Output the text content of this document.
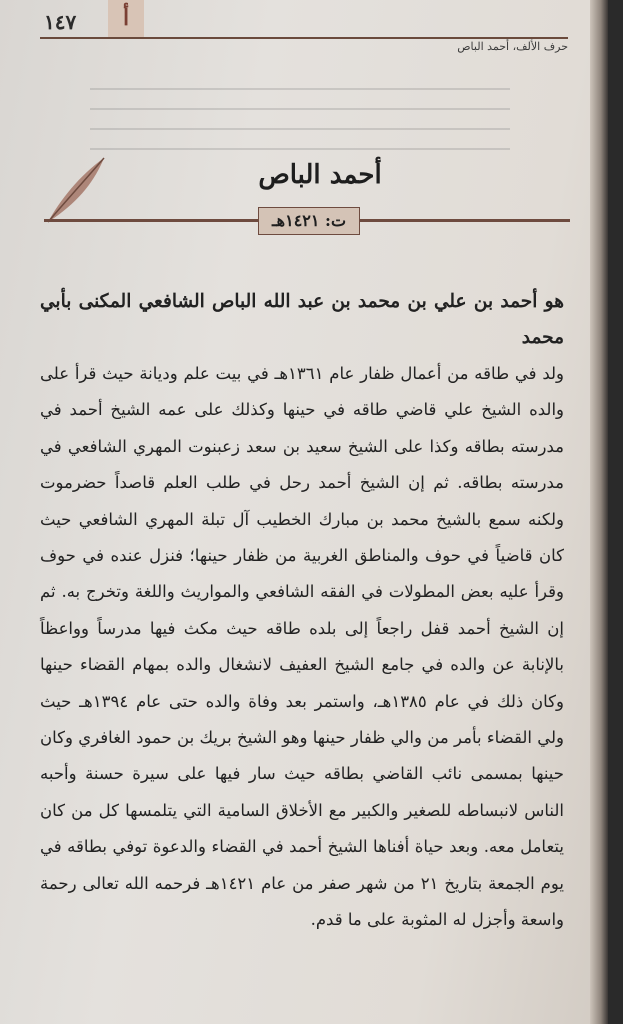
١٤٧	أ
حرف الألف، أحمد الباص
أحمد الباص
ت: ١٤٢١هـ

هو أحمد بن علي بن محمد بن عبد الله الباص الشافعي المكنى بأبي محمد

ولد في طاقه من أعمال ظفار عام ١٣٦١هـ في بيت علم وديانة حيث قرأ على والده الشيخ علي قاضي طاقه في حينها وكذلك على عمه الشيخ أحمد في مدرسته بطاقه وكذا على الشيخ سعيد بن سعد زعبنوت المهري الشافعي في مدرسته بطاقه. ثم إن الشيخ أحمد رحل في طلب العلم قاصداً حضرموت ولكنه سمع بالشيخ محمد بن مبارك الخطيب آل تبلة المهري الشافعي حيث كان قاضياً في حوف والمناطق الغربية من ظفار حينها؛ فنزل عنده في حوف وقرأ عليه بعض المطولات في الفقه الشافعي والمواريث واللغة وتخرج به. ثم إن الشيخ أحمد قفل راجعاً إلى بلده طاقه حيث مكث فيها مدرساً وواعظاً بالإنابة عن والده في جامع الشيخ العفيف لانشغال والده بمهام القضاء حينها وكان ذلك في عام ١٣٨٥هـ، واستمر بعد وفاة والده حتى عام ١٣٩٤هـ حيث ولي القضاء بأمر من والي ظفار حينها وهو الشيخ بريك بن حمود الغافري وكان حينها بمسمى نائب القاضي بطاقه حيث سار فيها على سيرة حسنة وأحبه الناس لانبساطه للصغير والكبير مع الأخلاق السامية التي يتلمسها كل من كان يتعامل معه. وبعد حياة أفناها الشيخ أحمد في القضاء والدعوة توفي بطاقه في يوم الجمعة بتاريخ ٢١ من شهر صفر من عام ١٤٢١هـ فرحمه الله تعالى رحمة واسعة وأجزل له المثوبة على ما قدم.
